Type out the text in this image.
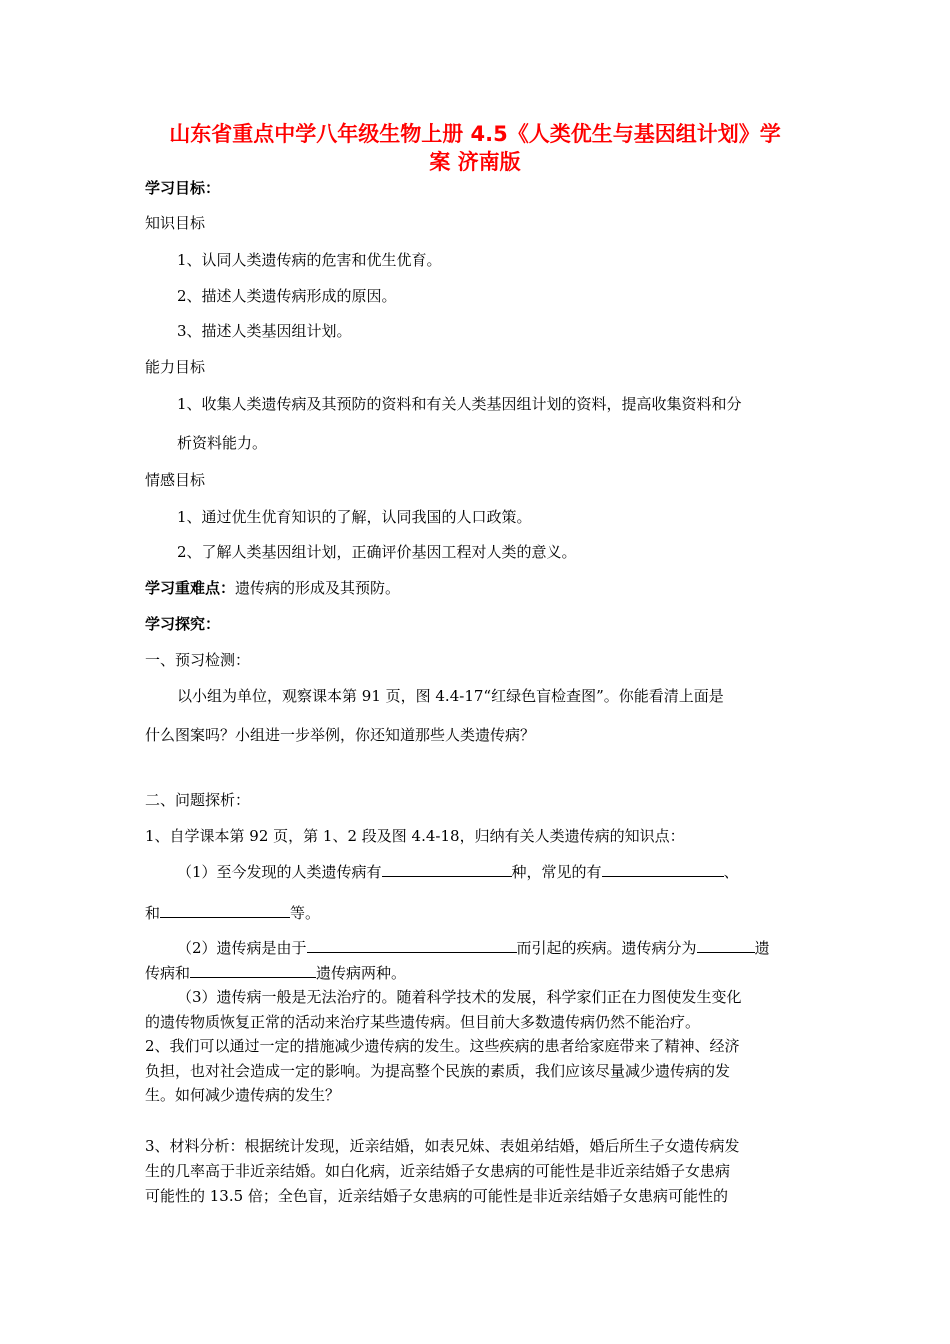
山东省重点中学八年级生物上册 4.5《人类优生与基因组计划》学
案 济南版
学习目标：
知识目标
1、认同人类遗传病的危害和优生优育。
2、描述人类遗传病形成的原因。
3、描述人类基因组计划。
能力目标
1、收集人类遗传病及其预防的资料和有关人类基因组计划的资料，提高收集资料和分
析资料能力。
情感目标
1、通过优生优育知识的了解，认同我国的人口政策。
2、了解人类基因组计划，正确评价基因工程对人类的意义。
学习重难点：遗传病的形成及其预防。
学习探究：
一、预习检测：
以小组为单位，观察课本第 91 页，图 4.4-17“红绿色盲检查图”。你能看清上面是
什么图案吗？小组进一步举例，你还知道那些人类遗传病？
二、问题探析：
1、自学课本第 92 页，第 1、2 段及图 4.4-18，归纳有关人类遗传病的知识点：
（1）至今发现的人类遗传病有	种，常见的有	、
和	等。
（2）遗传病是由于	而引起的疾病。遗传病分为	遗
传病和	遗传病两种。
（3）遗传病一般是无法治疗的。随着科学技术的发展，科学家们正在力图使发生变化
的遗传物质恢复正常的活动来治疗某些遗传病。但目前大多数遗传病仍然不能治疗。
2、我们可以通过一定的措施减少遗传病的发生。这些疾病的患者给家庭带来了精神、经济
负担，也对社会造成一定的影响。为提高整个民族的素质，我们应该尽量减少遗传病的发
生。如何减少遗传病的发生？
3、材料分析：根据统计发现，近亲结婚，如表兄妹、表姐弟结婚，婚后所生子女遗传病发
生的几率高于非近亲结婚。如白化病，近亲结婚子女患病的可能性是非近亲结婚子女患病
可能性的 13.5 倍；全色盲，近亲结婚子女患病的可能性是非近亲结婚子女患病可能性的
